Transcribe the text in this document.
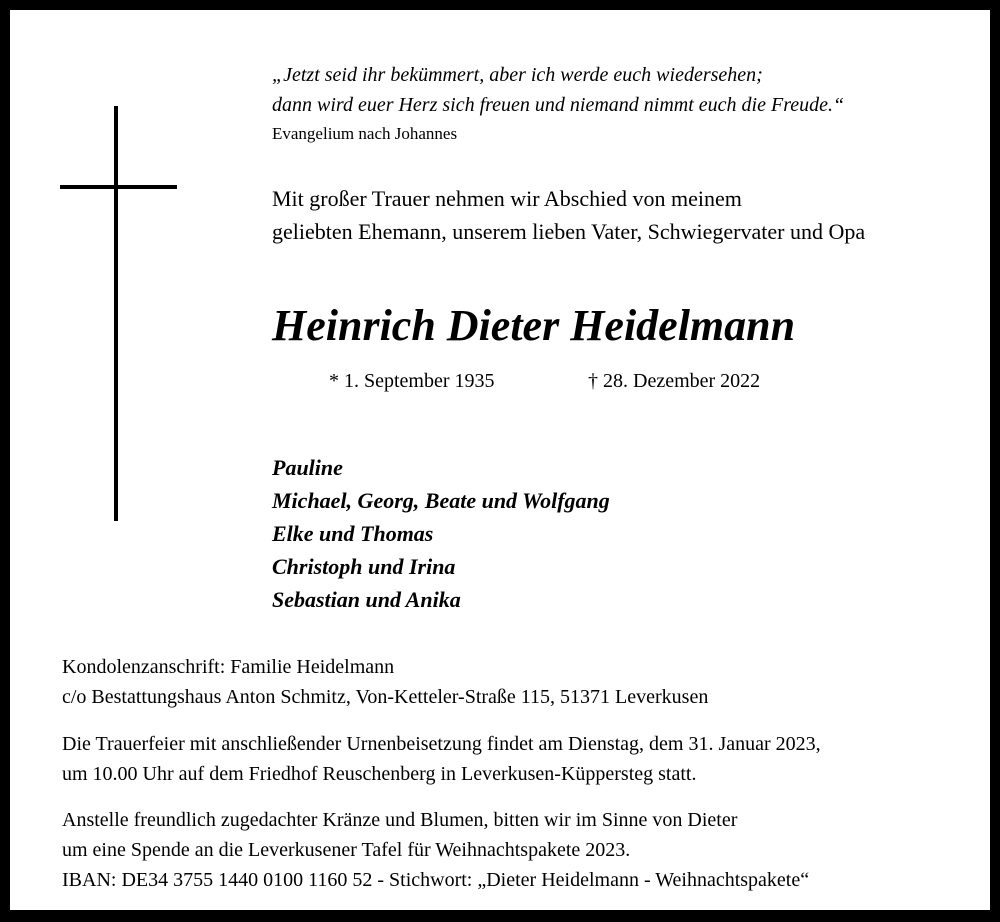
„Jetzt seid ihr bekümmert, aber ich werde euch wiedersehen;
dann wird euer Herz sich freuen und niemand nimmt euch die Freude.“
Evangelium nach Johannes
Mit großer Trauer nehmen wir Abschied von meinem
geliebten Ehemann, unserem lieben Vater, Schwiegervater und Opa
Heinrich Dieter Heidelmann
* 1. September 1935	† 28. Dezember 2022
Pauline
Michael, Georg, Beate und Wolfgang
Elke und Thomas
Christoph und Irina
Sebastian und Anika
Kondolenzanschrift: Familie Heidelmann
c/o Bestattungshaus Anton Schmitz, Von-Ketteler-Straße 115, 51371 Leverkusen
Die Trauerfeier mit anschließender Urnenbeisetzung findet am Dienstag, dem 31. Januar 2023,
um 10.00 Uhr auf dem Friedhof Reuschenberg in Leverkusen-Küppersteg statt.
Anstelle freundlich zugedachter Kränze und Blumen, bitten wir im Sinne von Dieter
um eine Spende an die Leverkusener Tafel für Weihnachtspakete 2023.
IBAN: DE34 3755 1440 0100 1160 52 - Stichwort: „Dieter Heidelmann - Weihnachtspakete“
